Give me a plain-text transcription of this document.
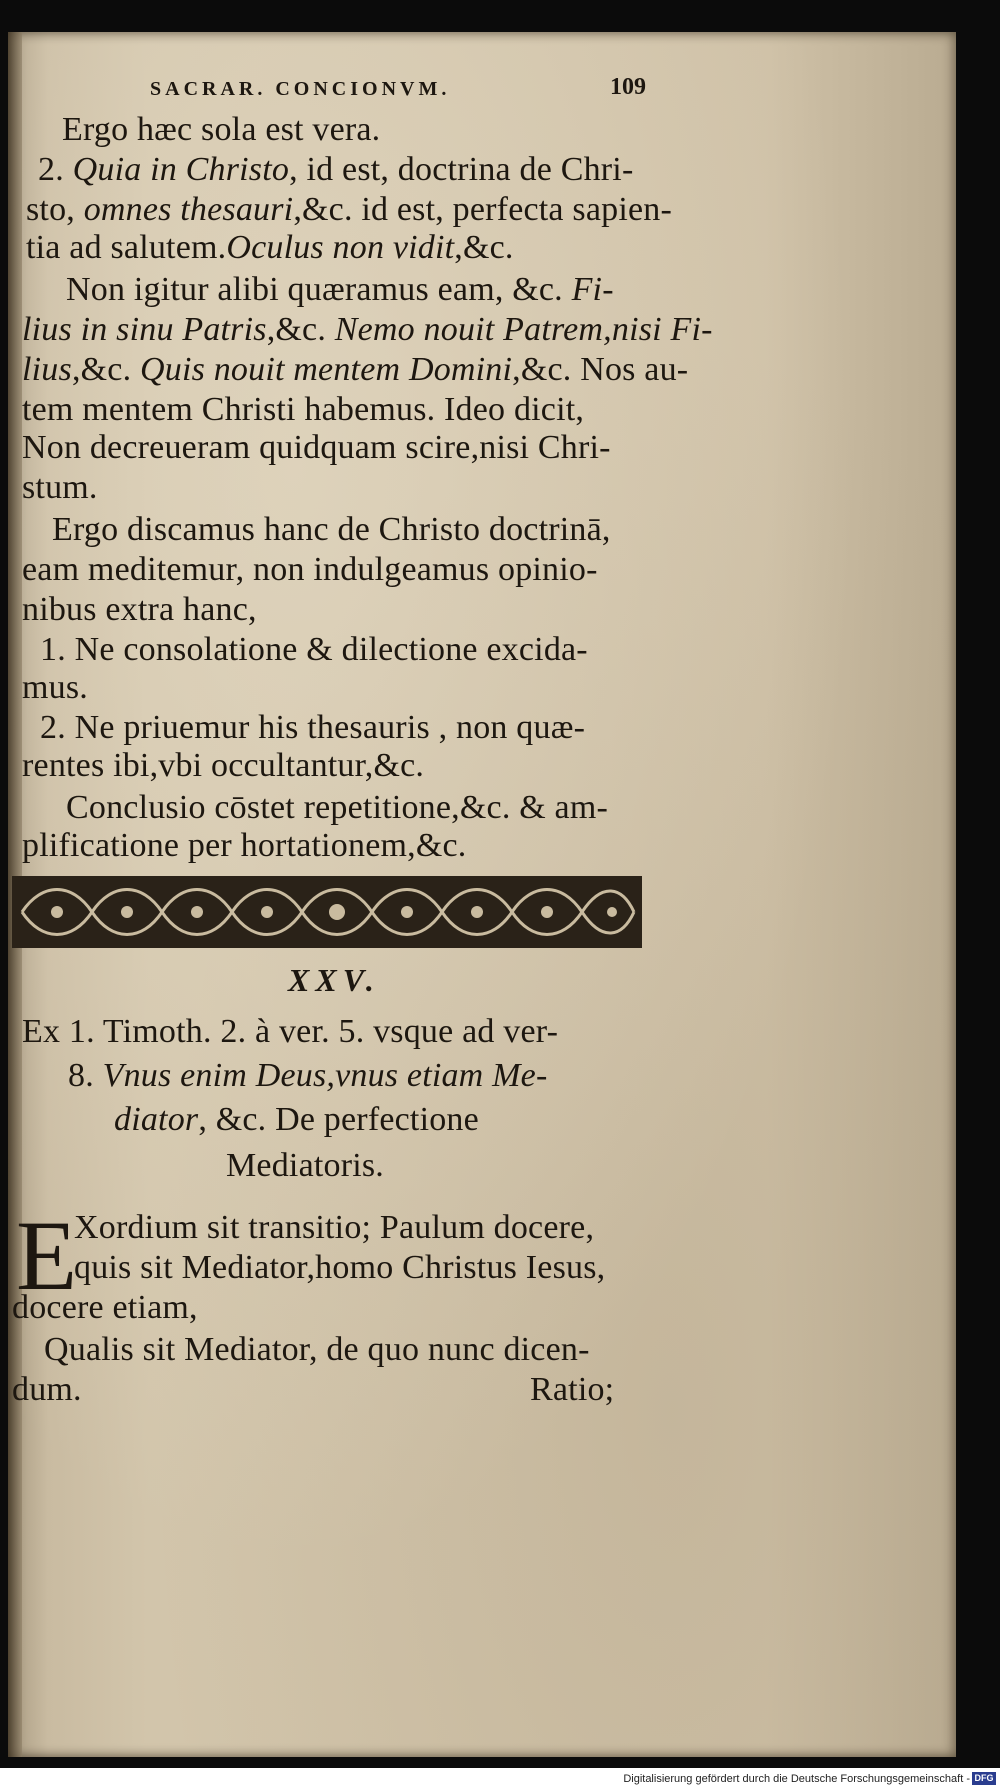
SACRAR. CONCIONVM.	109
Ergo hæc sola est vera.
2. Quia in Christo, id est, doctrina de Chri-
sto, omnes thesauri,&c. id est, perfecta sapien-
tia ad salutem.Oculus non vidit,&c.
Non igitur alibi quæramus eam, &c. Fi-
lius in sinu Patris,&c. Nemo nouit Patrem,nisi Fi-
lius,&c. Quis nouit mentem Domini,&c. Nos au-
tem mentem Christi habemus. Ideo dicit,
Non decreueram quidquam scire,nisi Chri-
stum.
Ergo discamus hanc de Christo doctrinā,
eam meditemur, non indulgeamus opinio-
nibus extra hanc,
1. Ne consolatione & dilectione excida-
mus.
2. Ne priuemur his thesauris , non quæ-
rentes ibi,vbi occultantur,&c.
Conclusio cōstet repetitione,&c. & am-
plificatione per hortationem,&c.
XXV.
Ex 1. Timoth. 2. à ver. 5. vsque ad ver-
8. Vnus enim Deus,vnus etiam Me-
diator, &c. De perfectione
Mediatoris.
E
Xordium sit transitio; Paulum docere,
quis sit Mediator,homo Christus Iesus,
docere etiam,
Qualis sit Mediator, de quo nunc dicen-
dum.	Ratio;
Digitalisierung gefördert durch die Deutsche Forschungsgemeinschaft - DFG
